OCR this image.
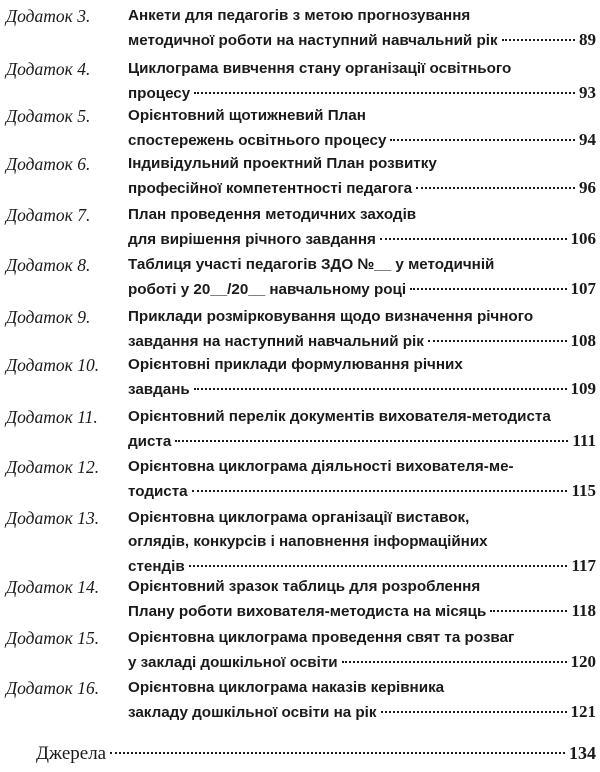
Додаток 3. Анкети для педагогів з метою прогнозування
методичної роботи на наступний навчальний рік	89
Додаток 4. Циклограма вивчення стану організації освітнього
процесу	93
Додаток 5. Орієнтовний щотижневий План
спостережень освітнього процесу	94
Додаток 6. Індивідульний проектний План розвитку
професійної компетентності педагога	96
Додаток 7. План проведення методичних заходів
для вирішення річного завдання	106
Додаток 8. Таблиця участі педагогів ЗДО №__ у методичній
роботі у 20__/20__ навчальному році	107
Додаток 9. Приклади розмірковування щодо визначення річного
завдання на наступний навчальний рік	108
Додаток 10. Орієнтовні приклади формулювання річних
завдань	109
Додаток 11. Орієнтовний перелік документів вихователя-методиста
диста	111
Додаток 12. Орієнтовна циклограма діяльності вихователя-ме-
тодиста	115
Додаток 13. Орієнтовна циклограма організації виставок,
оглядів, конкурсів і наповнення інформаційних
стендів	117
Додаток 14. Орієнтовний зразок таблиць для розроблення
Плану роботи вихователя-методиста на місяць	118
Додаток 15. Орієнтовна циклограма проведення свят та розваг
у закладі дошкільної освіти	120
Додаток 16. Орієнтовна циклограма наказів керівника
закладу дошкільної освіти на рік	121
Джерела	134
